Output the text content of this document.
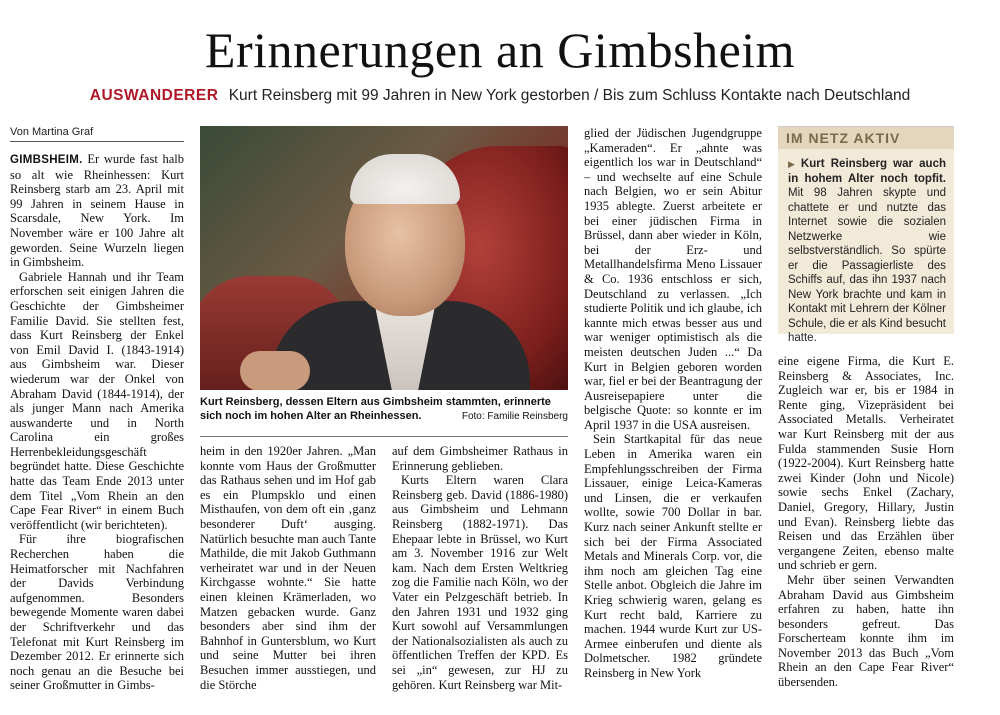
Erinnerungen an Gimbsheim
AUSWANDERER Kurt Reinsberg mit 99 Jahren in New York gestorben / Bis zum Schluss Kontakte nach Deutschland
Von Martina Graf

GIMBSHEIM. Er wurde fast halb so alt wie Rheinhessen: Kurt Reinsberg starb am 23. April mit 99 Jahren in seinem Hause in Scarsdale, New York. Im November wäre er 100 Jahre alt geworden. Seine Wurzeln liegen in Gimbsheim.

Gabriele Hannah und ihr Team erforschen seit einigen Jahren die Geschichte der Gimbsheimer Familie David. Sie stellten fest, dass Kurt Reinsberg der Enkel von Emil David I. (1843-1914) aus Gimbsheim war. Dieser wiederum war der Onkel von Abraham David (1844-1914), der als junger Mann nach Amerika auswanderte und in North Carolina ein großes Herrenbekleidungsgeschäft begründet hatte. Diese Geschichte hatte das Team Ende 2013 unter dem Titel „Vom Rhein an den Cape Fear River“ in einem Buch veröffentlicht (wir berichteten).

Für ihre biografischen Recherchen haben die Heimatforscher mit Nachfahren der Davids Verbindung aufgenommen. Besonders bewegende Momente waren dabei der Schriftverkehr und das Telefonat mit Kurt Reinsberg im Dezember 2012. Er erinnerte sich noch genau an die Besuche bei seiner Großmutter in Gimbs-

Kurt Reinsberg, dessen Eltern aus Gimbsheim stammten, erinnerte sich noch im hohen Alter an Rheinhessen.	Foto: Familie Reinsberg

heim in den 1920er Jahren. „Man konnte vom Haus der Großmutter das Rathaus sehen und im Hof gab es ein Plumpsklo und einen Misthaufen, von dem oft ein ‚ganz besonderer Duft‘ ausging. Natürlich besuchte man auch Tante Mathilde, die mit Jakob Guthmann verheiratet war und in der Neuen Kirchgasse wohnte.“ Sie hatte einen kleinen Krämerladen, wo Matzen gebacken wurde. Ganz besonders aber sind ihm der Bahnhof in Guntersblum, wo Kurt und seine Mutter bei ihren Besuchen immer ausstiegen, und die Störche

auf dem Gimbsheimer Rathaus in Erinnerung geblieben.

Kurts Eltern waren Clara Reinsberg geb. David (1886-1980) aus Gimbsheim und Lehmann Reinsberg (1882-1971). Das Ehepaar lebte in Brüssel, wo Kurt am 3. November 1916 zur Welt kam. Nach dem Ersten Weltkrieg zog die Familie nach Köln, wo der Vater ein Pelzgeschäft betrieb. In den Jahren 1931 und 1932 ging Kurt sowohl auf Versammlungen der Nationalsozialisten als auch zu öffentlichen Treffen der KPD. Es sei „in“ gewesen, zur HJ zu gehören. Kurt Reinsberg war Mit-

glied der Jüdischen Jugendgruppe „Kameraden“. Er „ahnte was eigentlich los war in Deutschland“ – und wechselte auf eine Schule nach Belgien, wo er sein Abitur 1935 ablegte. Zuerst arbeitete er bei einer jüdischen Firma in Brüssel, dann aber wieder in Köln, bei der Erz- und Metallhandelsfirma Meno Lissauer & Co. 1936 entschloss er sich, Deutschland zu verlassen. „Ich studierte Politik und ich glaube, ich kannte mich etwas besser aus und war weniger optimistisch als die meisten deutschen Juden ...“ Da Kurt in Belgien geboren worden war, fiel er bei der Beantragung der Ausreisepapiere unter die belgische Quote: so konnte er im April 1937 in die USA ausreisen.

Sein Startkapital für das neue Leben in Amerika waren ein Empfehlungsschreiben der Firma Lissauer, einige Leica-Kameras und Linsen, die er verkaufen wollte, sowie 700 Dollar in bar. Kurz nach seiner Ankunft stellte er sich bei der Firma Associated Metals and Minerals Corp. vor, die ihm noch am gleichen Tag eine Stelle anbot. Obgleich die Jahre im Krieg schwierig waren, gelang es Kurt recht bald, Karriere zu machen. 1944 wurde Kurt zur US-Armee einberufen und diente als Dolmetscher. 1982 gründete Reinsberg in New York

IM NETZ AKTIV
▶ Kurt Reinsberg war auch in hohem Alter noch topfit. Mit 98 Jahren skypte und chattete er und nutzte das Internet sowie die sozialen Netzwerke wie selbstverständlich. So spürte er die Passagierliste des Schiffs auf, das ihn 1937 nach New York brachte und kam in Kontakt mit Lehrern der Kölner Schule, die er als Kind besucht hatte.

eine eigene Firma, die Kurt E. Reinsberg & Associates, Inc. Zugleich war er, bis er 1984 in Rente ging, Vizepräsident bei Associated Metalls. Verheiratet war Kurt Reinsberg mit der aus Fulda stammenden Susie Horn (1922-2004). Kurt Reinsberg hatte zwei Kinder (John und Nicole) sowie sechs Enkel (Zachary, Daniel, Gregory, Hillary, Justin und Evan). Reinsberg liebte das Reisen und das Erzählen über vergangene Zeiten, ebenso malte und schrieb er gern.

Mehr über seinen Verwandten Abraham David aus Gimbsheim erfahren zu haben, hatte ihn besonders gefreut. Das Forscherteam konnte ihm im November 2013 das Buch „Vom Rhein an den Cape Fear River“ übersenden.
